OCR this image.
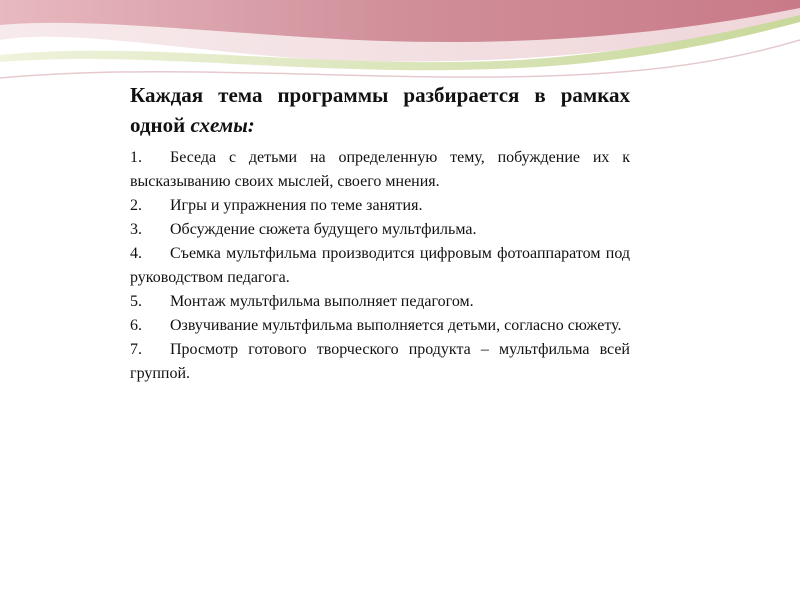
Каждая тема программы разбирается в рамках одной схемы:

1. Беседа с детьми на определенную тему, побуждение их к высказыванию своих мыслей, своего мнения.

2. Игры и упражнения по теме занятия.

3. Обсуждение сюжета будущего мультфильма.

4. Съемка мультфильма производится цифровым фотоаппаратом под руководством педагога.

5. Монтаж мультфильма выполняет педагогом.

6. Озвучивание мультфильма выполняется детьми, согласно сюжету.

7. Просмотр готового творческого продукта – мультфильма всей группой.
